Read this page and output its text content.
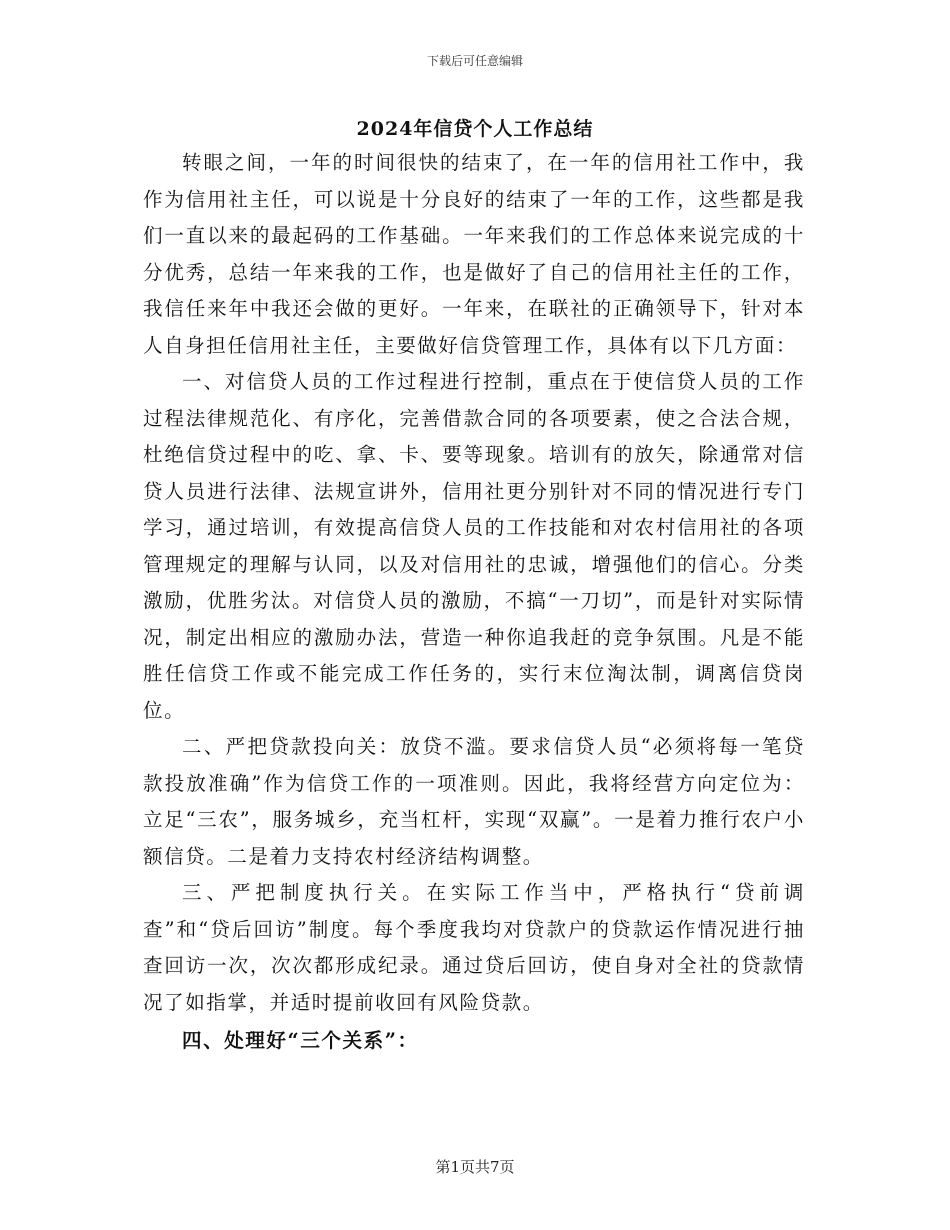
下载后可任意编辑
2024年信贷个人工作总结

转眼之间，一年的时间很快的结束了，在一年的信用社工作中，我作为信用社主任，可以说是十分良好的结束了一年的工作，这些都是我们一直以来的最起码的工作基础。一年来我们的工作总体来说完成的十分优秀，总结一年来我的工作，也是做好了自己的信用社主任的工作，我信任来年中我还会做的更好。一年来，在联社的正确领导下，针对本人自身担任信用社主任，主要做好信贷管理工作，具体有以下几方面：

一、对信贷人员的工作过程进行控制，重点在于使信贷人员的工作过程法律规范化、有序化，完善借款合同的各项要素，使之合法合规，杜绝信贷过程中的吃、拿、卡、要等现象。培训有的放矢，除通常对信贷人员进行法律、法规宣讲外，信用社更分别针对不同的情况进行专门学习，通过培训，有效提高信贷人员的工作技能和对农村信用社的各项管理规定的理解与认同，以及对信用社的忠诚，增强他们的信心。分类激励，优胜劣汰。对信贷人员的激励，不搞“一刀切”，而是针对实际情况，制定出相应的激励办法，营造一种你追我赶的竞争氛围。凡是不能胜任信贷工作或不能完成工作任务的，实行末位淘汰制，调离信贷岗位。

二、严把贷款投向关：放贷不滥。要求信贷人员“必须将每一笔贷款投放准确”作为信贷工作的一项准则。因此，我将经营方向定位为：立足“三农”，服务城乡，充当杠杆，实现“双赢”。一是着力推行农户小额信贷。二是着力支持农村经济结构调整。

三、严把制度执行关。在实际工作当中，严格执行“贷前调查”和“贷后回访”制度。每个季度我均对贷款户的贷款运作情况进行抽查回访一次，次次都形成纪录。通过贷后回访，使自身对全社的贷款情况了如指掌，并适时提前收回有风险贷款。

四、处理好“三个关系”：

第1页共7页
